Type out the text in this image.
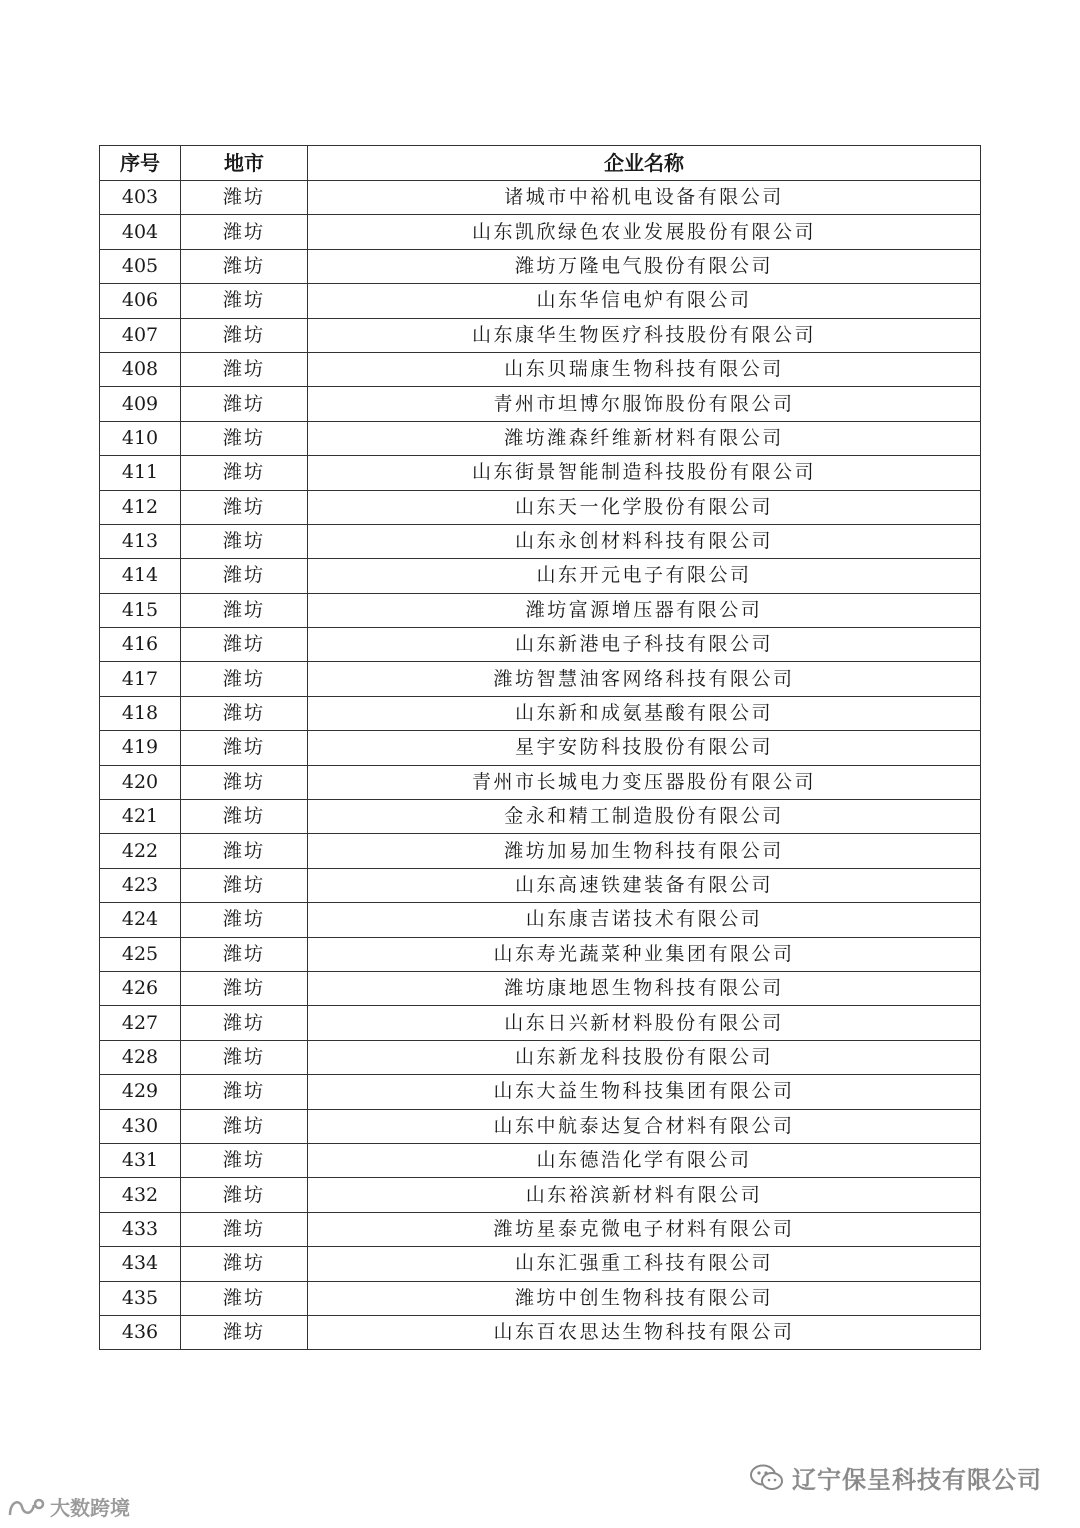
序号	地市	企业名称
403	潍坊	诸城市中裕机电设备有限公司
404	潍坊	山东凯欣绿色农业发展股份有限公司
405	潍坊	潍坊万隆电气股份有限公司
406	潍坊	山东华信电炉有限公司
407	潍坊	山东康华生物医疗科技股份有限公司
408	潍坊	山东贝瑞康生物科技有限公司
409	潍坊	青州市坦博尔服饰股份有限公司
410	潍坊	潍坊潍森纤维新材料有限公司
411	潍坊	山东街景智能制造科技股份有限公司
412	潍坊	山东天一化学股份有限公司
413	潍坊	山东永创材料科技有限公司
414	潍坊	山东开元电子有限公司
415	潍坊	潍坊富源增压器有限公司
416	潍坊	山东新港电子科技有限公司
417	潍坊	潍坊智慧油客网络科技有限公司
418	潍坊	山东新和成氨基酸有限公司
419	潍坊	星宇安防科技股份有限公司
420	潍坊	青州市长城电力变压器股份有限公司
421	潍坊	金永和精工制造股份有限公司
422	潍坊	潍坊加易加生物科技有限公司
423	潍坊	山东高速铁建装备有限公司
424	潍坊	山东康吉诺技术有限公司
425	潍坊	山东寿光蔬菜种业集团有限公司
426	潍坊	潍坊康地恩生物科技有限公司
427	潍坊	山东日兴新材料股份有限公司
428	潍坊	山东新龙科技股份有限公司
429	潍坊	山东大益生物科技集团有限公司
430	潍坊	山东中航泰达复合材料有限公司
431	潍坊	山东德浩化学有限公司
432	潍坊	山东裕滨新材料有限公司
433	潍坊	潍坊星泰克微电子材料有限公司
434	潍坊	山东汇强重工科技有限公司
435	潍坊	潍坊中创生物科技有限公司
436	潍坊	山东百农思达生物科技有限公司
辽宁保呈科技有限公司
大数跨境
